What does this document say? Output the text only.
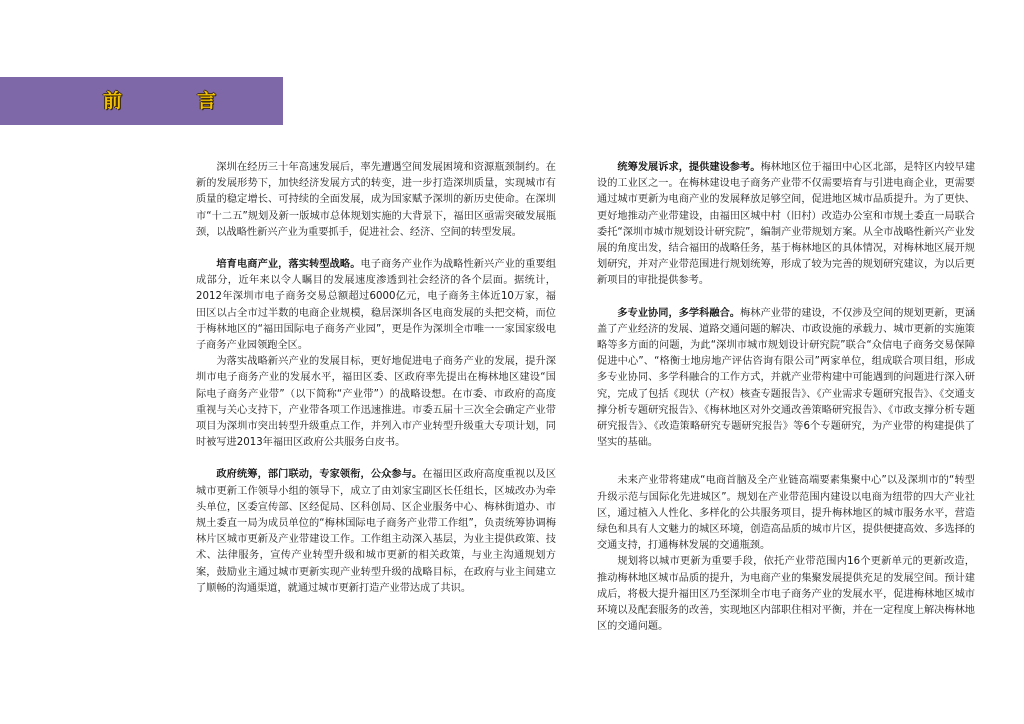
前　言

深圳在经历三十年高速发展后，率先遭遇空间发展困境和资源瓶颈制约。在新的发展形势下，加快经济发展方式的转变，进一步打造深圳质量，实现城市有质量的稳定增长、可持续的全面发展，成为国家赋予深圳的新历史使命。在深圳市“十二五”规划及新一版城市总体规划实施的大背景下，福田区亟需突破发展瓶颈，以战略性新兴产业为重要抓手，促进社会、经济、空间的转型发展。

培育电商产业，落实转型战略。电子商务产业作为战略性新兴产业的重要组成部分，近年来以令人瞩目的发展速度渗透到社会经济的各个层面。据统计，2012年深圳市电子商务交易总额超过6000亿元，电子商务主体近10万家，福田区以占全市过半数的电商企业规模，稳居深圳各区电商发展的头把交椅，而位于梅林地区的“福田国际电子商务产业园”，更是作为深圳全市唯一一家国家级电子商务产业园领跑全区。

为落实战略新兴产业的发展目标，更好地促进电子商务产业的发展，提升深圳市电子商务产业的发展水平，福田区委、区政府率先提出在梅林地区建设“国际电子商务产业带”（以下简称“产业带”）的战略设想。在市委、市政府的高度重视与关心支持下，产业带各项工作迅速推进。市委五届十三次全会确定产业带项目为深圳市突出转型升级重点工作，并列入市产业转型升级重大专项计划，同时被写进2013年福田区政府公共服务白皮书。

政府统筹，部门联动，专家领衔，公众参与。在福田区政府高度重视以及区城市更新工作领导小组的领导下，成立了由刘家宝副区长任组长，区城改办为牵头单位，区委宣传部、区经促局、区科创局、区企业服务中心、梅林街道办、市规土委直一局为成员单位的“梅林国际电子商务产业带工作组”，负责统筹协调梅林片区城市更新及产业带建设工作。工作组主动深入基层，为业主提供政策、技术、法律服务，宣传产业转型升级和城市更新的相关政策，与业主沟通规划方案，鼓励业主通过城市更新实现产业转型升级的战略目标，在政府与业主间建立了顺畅的沟通渠道，就通过城市更新打造产业带达成了共识。

统筹发展诉求，提供建设参考。梅林地区位于福田中心区北部，是特区内较早建设的工业区之一。在梅林建设电子商务产业带不仅需要培育与引进电商企业，更需要通过城市更新为电商产业的发展释放足够空间，促进地区城市品质提升。为了更快、更好地推动产业带建设，由福田区城中村（旧村）改造办公室和市规土委直一局联合委托“深圳市城市规划设计研究院”，编制产业带规划方案。从全市战略性新兴产业发展的角度出发，结合福田的战略任务，基于梅林地区的具体情况，对梅林地区展开规划研究，并对产业带范围进行规划统筹，形成了较为完善的规划研究建议，为以后更新项目的审批提供参考。

多专业协同，多学科融合。梅林产业带的建设，不仅涉及空间的规划更新，更涵盖了产业经济的发展、道路交通问题的解决、市政设施的承载力、城市更新的实施策略等多方面的问题，为此“深圳市城市规划设计研究院”联合“众信电子商务交易保障促进中心”、“格衡士地房地产评估咨询有限公司”两家单位，组成联合项目组，形成多专业协同、多学科融合的工作方式，并就产业带构建中可能遇到的问题进行深入研究，完成了包括《现状（产权）核查专题报告》、《产业需求专题研究报告》、《交通支撑分析专题研究报告》、《梅林地区对外交通改善策略研究报告》、《市政支撑分析专题研究报告》、《改造策略研究专题研究报告》等6个专题研究，为产业带的构建提供了坚实的基础。

未来产业带将建成“电商首脑及全产业链高端要素集聚中心”以及深圳市的“转型升级示范与国际化先进城区”。规划在产业带范围内建设以电商为纽带的四大产业社区，通过植入人性化、多样化的公共服务项目，提升梅林地区的城市服务水平，营造绿色和具有人文魅力的城区环境，创造高品质的城市片区，提供便捷高效、多选择的交通支持，打通梅林发展的交通瓶颈。

规划将以城市更新为重要手段，依托产业带范围内16个更新单元的更新改造，推动梅林地区城市品质的提升，为电商产业的集聚发展提供充足的发展空间。预计建成后，将极大提升福田区乃至深圳全市电子商务产业的发展水平，促进梅林地区城市环境以及配套服务的改善，实现地区内部职住相对平衡，并在一定程度上解决梅林地区的交通问题。
